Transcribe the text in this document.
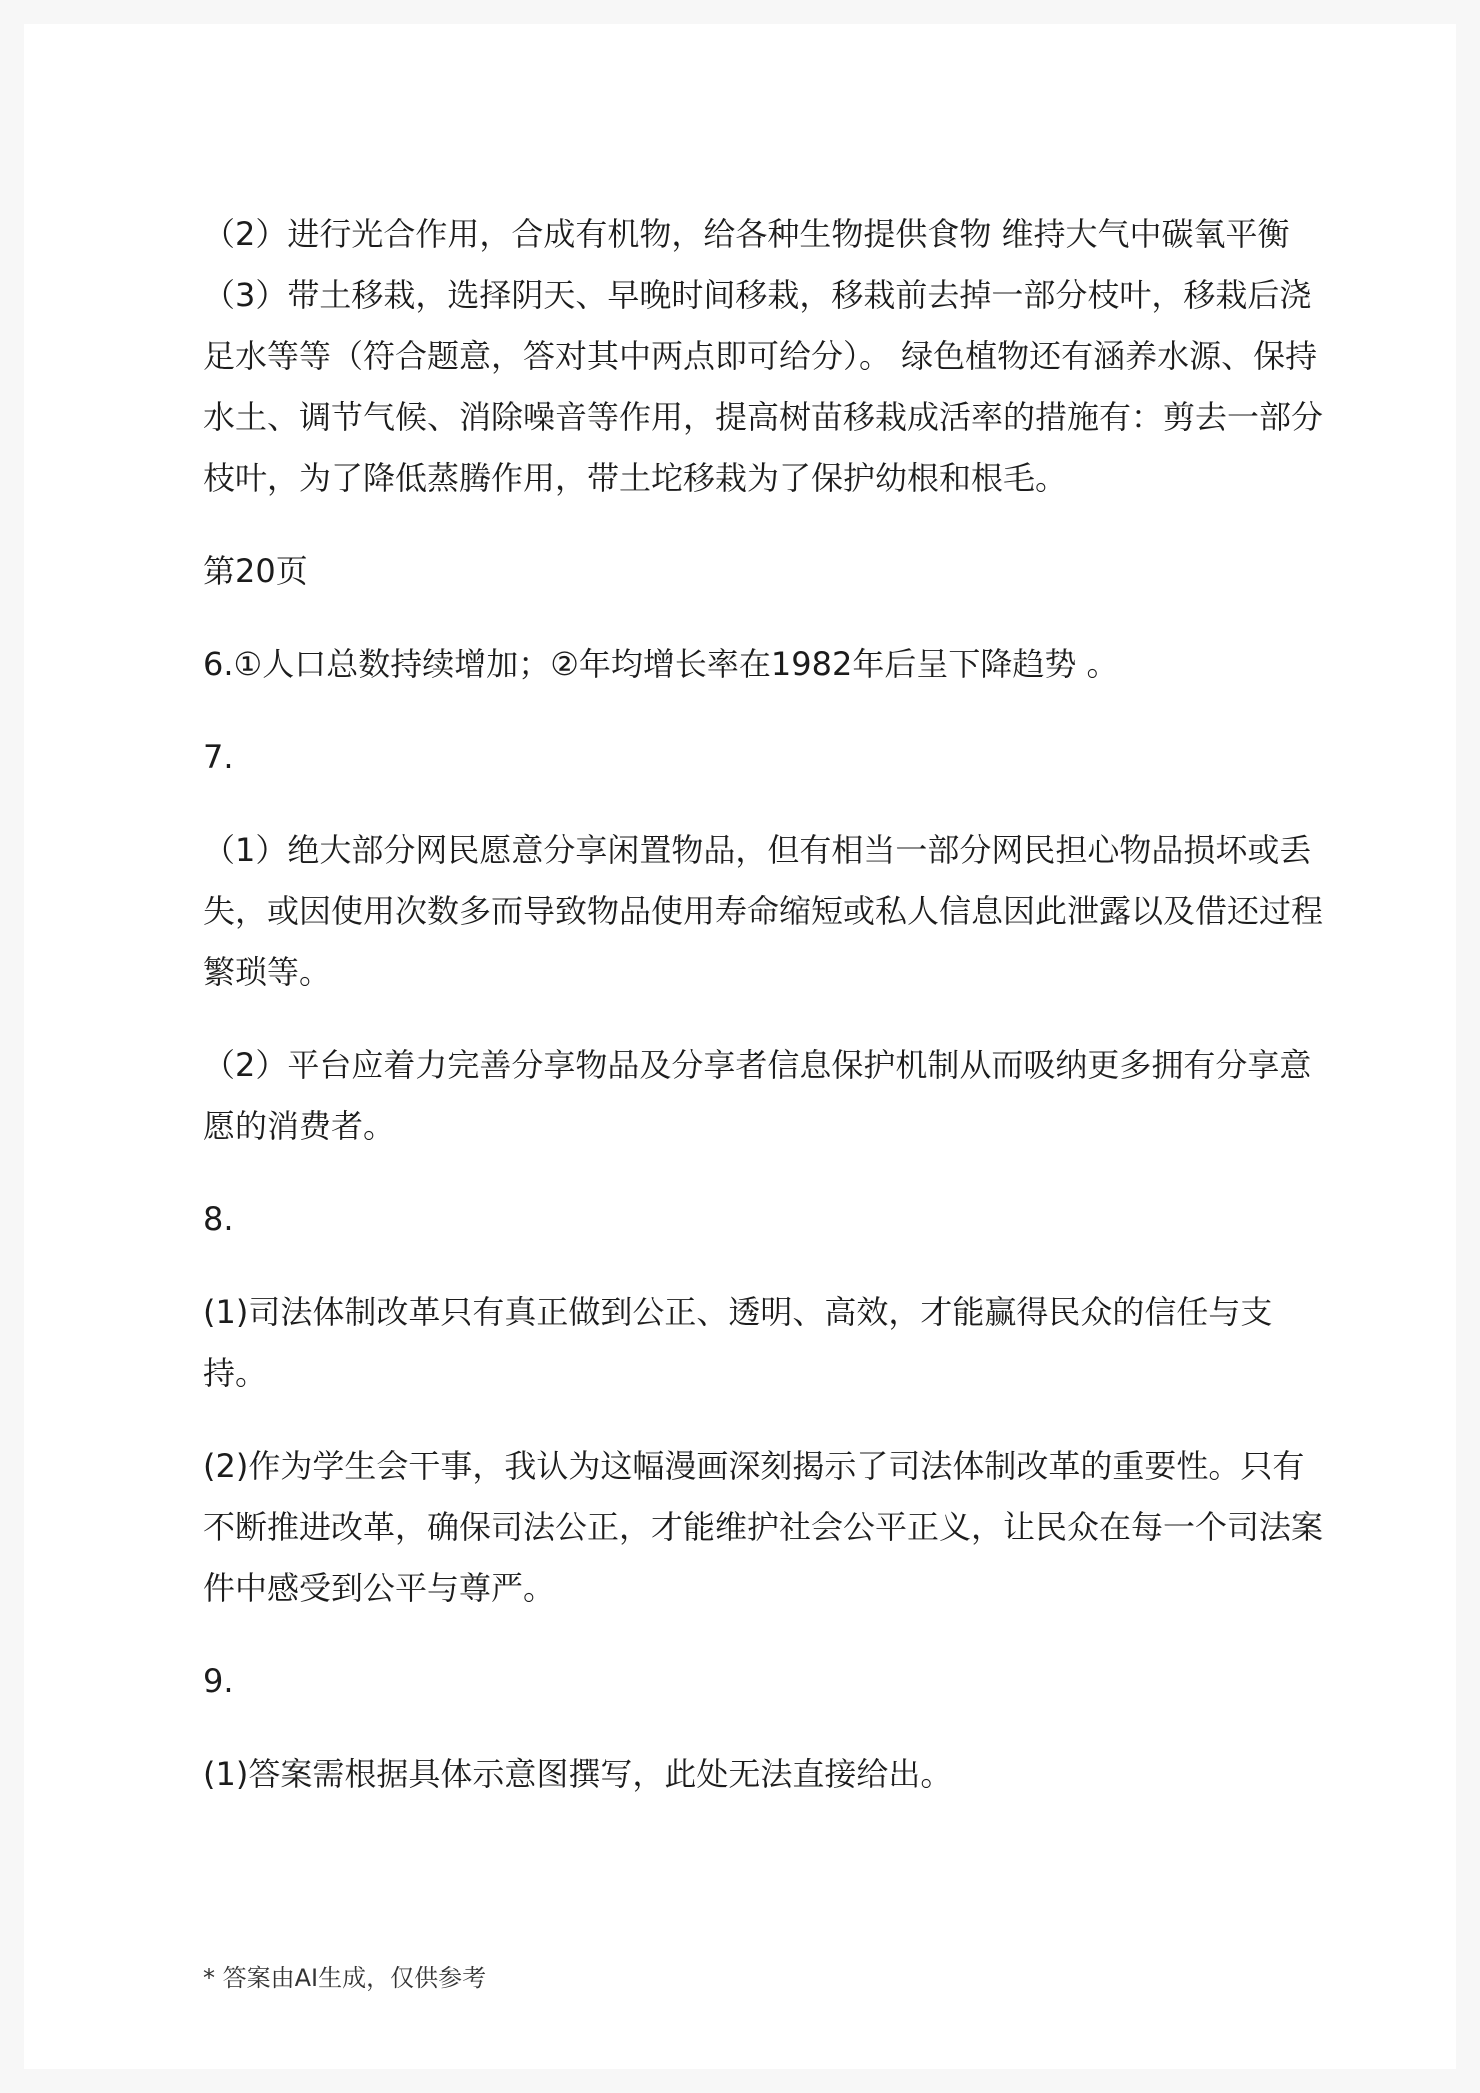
（2）进行光合作用，合成有机物，给各种生物提供食物 维持大气中碳氧平衡 （3）带土移栽，选择阴天、早晚时间移栽，移栽前去掉一部分枝叶，移栽后浇足水等等（符合题意，答对其中两点即可给分）。 绿色植物还有涵养水源、保持水土、调节气候、消除噪音等作用，提高树苗移栽成活率的措施有：剪去一部分枝叶，为了降低蒸腾作用，带土坨移栽为了保护幼根和根毛。

第20页

6.①人口总数持续增加；②年均增长率在1982年后呈下降趋势 。

7.

（1）绝大部分网民愿意分享闲置物品，但有相当一部分网民担心物品损坏或丢失，或因使用次数多而导致物品使用寿命缩短或私人信息因此泄露以及借还过程繁琐等。

（2）平台应着力完善分享物品及分享者信息保护机制从而吸纳更多拥有分享意愿的消费者。

8.

(1)司法体制改革只有真正做到公正、透明、高效，才能赢得民众的信任与支持。

(2)作为学生会干事，我认为这幅漫画深刻揭示了司法体制改革的重要性。只有不断推进改革，确保司法公正，才能维护社会公平正义，让民众在每一个司法案件中感受到公平与尊严。

9.

(1)答案需根据具体示意图撰写，此处无法直接给出。

* 答案由AI生成，仅供参考
